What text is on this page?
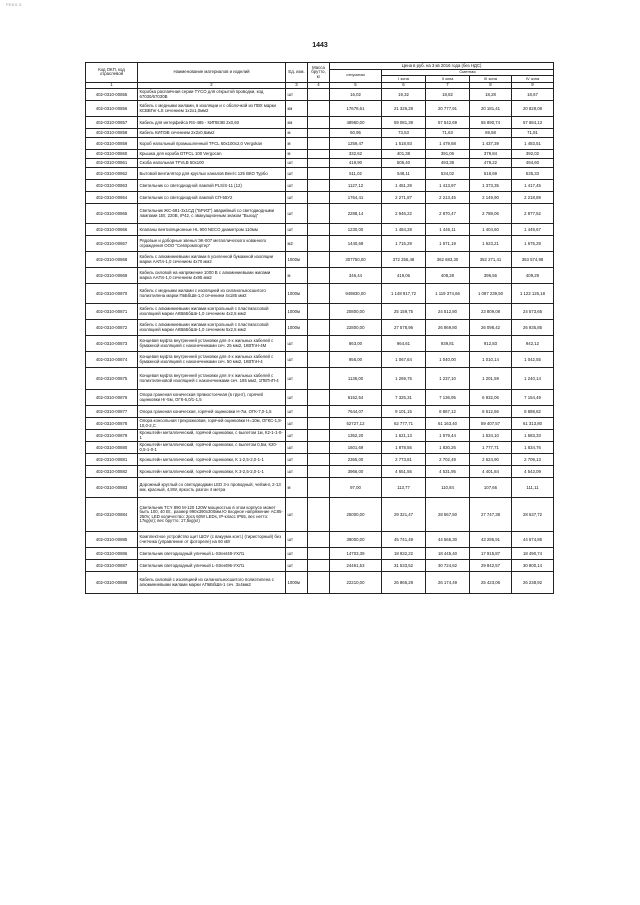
РЕКЛ-5
1443
Код ОКП, код отраслевой	Наименование материалов и изделий	Ед. изм.	Масса брутто, кг	Цена в руб. на 3 кв 2016 года (без НДС)				
				отпускная	Сметная			
					I зона	II зона	III зона	IV зона
1	2	3	4	5	6	7	8	9
402-0310-00855	Коробка распаячная серии TYCO для открытой проводки, код 67030/67030B	шт		16,02	19,32	18,82	18,28	18,67
402-0310-00856	Кабель с медными жилами, в изоляции и с оболочкой из ПВХ марки КСВВГнг-LS сечением 1х2х1,0мм2	км		17678,61	21 326,29	20 777,91	20 181,41	20 828,08
402-0310-00857	Кабель для интерфейса RS-485 - КИПВЭВ 2х0,60	км		48960,00	59 081,39	57 542,69	55 890,74	57 684,13
402-0310-00858	Кабель КИПЭВ сечением 2х2х0,6мм2	м		60,95	73,53	71,63	69,58	71,81
402-0310-00859	Короб напольный промышленный TFCL 60х100х2,0 Vergokan	м		1259,47	1 518,93	1 479,68	1 437,39	1 483,51
402-0310-00860	Крышка для короба DTFCL 100 Vergocan	м		332,62	401,38	391,06	379,84	392,02
402-0310-00861	Скоба напольная TFVLB 50х100	шт		419,90	506,40	493,38	479,22	494,60
402-0310-00862	Бытовой вентилятор для круглых каналов Вентс 125 ВКО Турбо	шт		511,02	548,11	534,02	518,69	535,33
402-0310-00863	Светильник со светодиодной лампой PLS/S-11 (12)	шт		1127,12	1 451,29	1 413,97	1 373,35	1 417,45
402-0310-00864	Светильник со светодиодной лампой СП-55У2	шт		1764,41	2 271,87	2 213,45	2 149,90	2 218,89
402-0310-00865	Светильник ЖС-681-3х1СД ("БРИЗ") аварийный со светодиодными лампами 1Вт, 220В, IP42, с эвакуационным знаком "Выход"	шт		2288,14	2 946,22	2 870,47	2 788,06	2 877,52
402-0310-00866	Клапаны вентиляционные HL 900 NECO диаметром 110мм	шт		1230,00	1 484,28	1 446,11	1 404,60	1 449,67
402-0310-00867	Рядовые и доборные звенья ЭК-007 металлического кованного ограждения ООО "Севпромпортер"	м2		1440,68	1 715,29	1 671,19	1 623,21	1 675,29
402-0310-00868	Кабель с алюминиевыми жилами в усиленной бумажной изоляции марки ААПл-1,0 сечением 4х70 мм2	1000м		307750,00	372 255,48	362 683,30	352 271,41	363 574,98
402-0310-00869	Кабель силовой на напряжение 1000 В с алюминиевыми жилами марка ААПл-1,0 сечением 4х95 мм2	м		346,44	419,06	408,28	396,56	409,29
402-0310-00870	Кабель с медными жилами с изоляцией из силанольносшитого полиэтилена марки ПвБбШв-1,0 сечением 4х185 мм2	1000м		949830,00	1 148 917,72	1 119 374,66	1 087 239,50	1 122 126,18
402-0310-00871	Кабель с алюминиевыми жилами контрольный с пластмассовой изоляцией марки АКВвБбШв-1,0 сечением 4х2,5 мм2	1000м		20800,00	25 159,75	24 512,80	23 809,08	24 573,65
402-0310-00872	Кабель с алюминиевыми жилами контрольный с пластмассовой изоляцией марки АКВвБбШв-1,0 сечением 5х2,5 мм2	1000м		22800,00	27 578,96	26 869,80	26 098,42	26 935,85
402-0310-00873	Концевая муфта внутренней установки для 4-х жильных кабелей с бумажной изоляцией с наконечниками сеч. 25 мм2, 1КВТпН-4М	шт		863,00	964,61	939,81	912,83	942,12
402-0310-00874	Концевая муфта внутренней установки для 4-х жильных кабелей с бумажной изоляцией с наконечниками сеч. 50 мм2, 1КВТпН-4	шт		956,00	1 067,64	1 040,00	1 010,14	1 042,55
402-0310-00875	Концевая муфта внутренней установки для 4-х жильных кабелей с полиэтиленовой изоляцией с наконечниками сеч. 185 мм2, 1ПВТнП-4	шт		1136,00	1 269,75	1 237,10	1 201,59	1 240,14
402-0310-00876	Опора граненая коническая прямостоечная (в грунт), горячей оцинковки Нг-5м, ОГК-6,0/1-1,5	шт		6152,54	7 325,31	7 136,95	6 932,06	7 154,49
402-0310-00877	Опора граненая коническая, горячей оцинковки Н-7м, ОГК-7,0-1,5	шт		7644,07	9 101,15	8 867,12	8 612,56	8 888,82
402-0310-00878	Опора консольная трехрожковая, горячей оцинковки Н=10м, ОГКС-1,8-10,0-2,С	шт		52727,12	62 777,71	61 163,40	59 407,57	61 313,80
402-0310-00879	Кронштейн металлический, горячей оцинковки, с вылетом 1м, К2-1-1-0-1	шт		1362,20	1 621,13	1 579,44	1 534,10	1 583,33
402-0310-00880	Кронштейн металлический, горячей оцинковки, с вылетом 0,5м, К20-0,5-1-0-1	шт		1601,69	1 878,56	1 830,26	1 777,71	1 834,76
402-0310-00881	Кронштейн металлический, горячей оцинковки, К 1-2,5-2,0-1-1	шт		2365,00	2 773,81	2 702,49	2 624,90	2 709,13
402-0310-00882	Кронштейн металлический, горячей оцинковки, К 3-2,5-2,0-1-1	шт		3966,00	4 651,56	4 531,95	4 401,84	4 543,09
402-0310-00883	Дорожный круглый со светодиодами LED 3-х проводный, чейзинг, 2-13 мм, красный, 4,8W, яркость разгон 4 метра	м		97,00	113,77	110,84	107,66	111,11
402-0310-00884	Светильник TCY 890 М-120 120W мощностью в этом корпусе может быть 100, 40 Вт., размер 990х390х300мм.Ю входное напряжение АС85-250V, LED количество: 2pcs 60W LEDs, IP-класс IP65, вес нетто: 17кg(кг); вес брутто: 17,5кg(кг)	шт		25000,00	29 321,47	28 567,50	27 747,38	28 637,72
402-0310-00885	Комплектное устройство щит ШОУ (с вакуумн.конт.) (тиристорный) без счетчика (управление от фотореле) на 60 кВт	шт		39000,00	45 741,49	44 565,30	43 285,91	44 674,85
402-0310-00886	Светильник светодиодный уличный L-Street48-УХЛ1	шт		14703,39	18 932,22	18 445,40	17 915,87	18 490,74
402-0310-00887	Светильник светодиодный уличный L-Street96-УХЛ1	шт		24461,53	31 533,52	30 724,62	29 842,57	30 800,14
402-0310-00888	Кабель силовой с изоляцией из силанольносшитого полиэтилена с алюминиевыми жилами марки АПвБбШв-1 сеч. 3х4мм2	1000м		22210,00	26 866,29	26 174,49	25 423,06	26 238,92
